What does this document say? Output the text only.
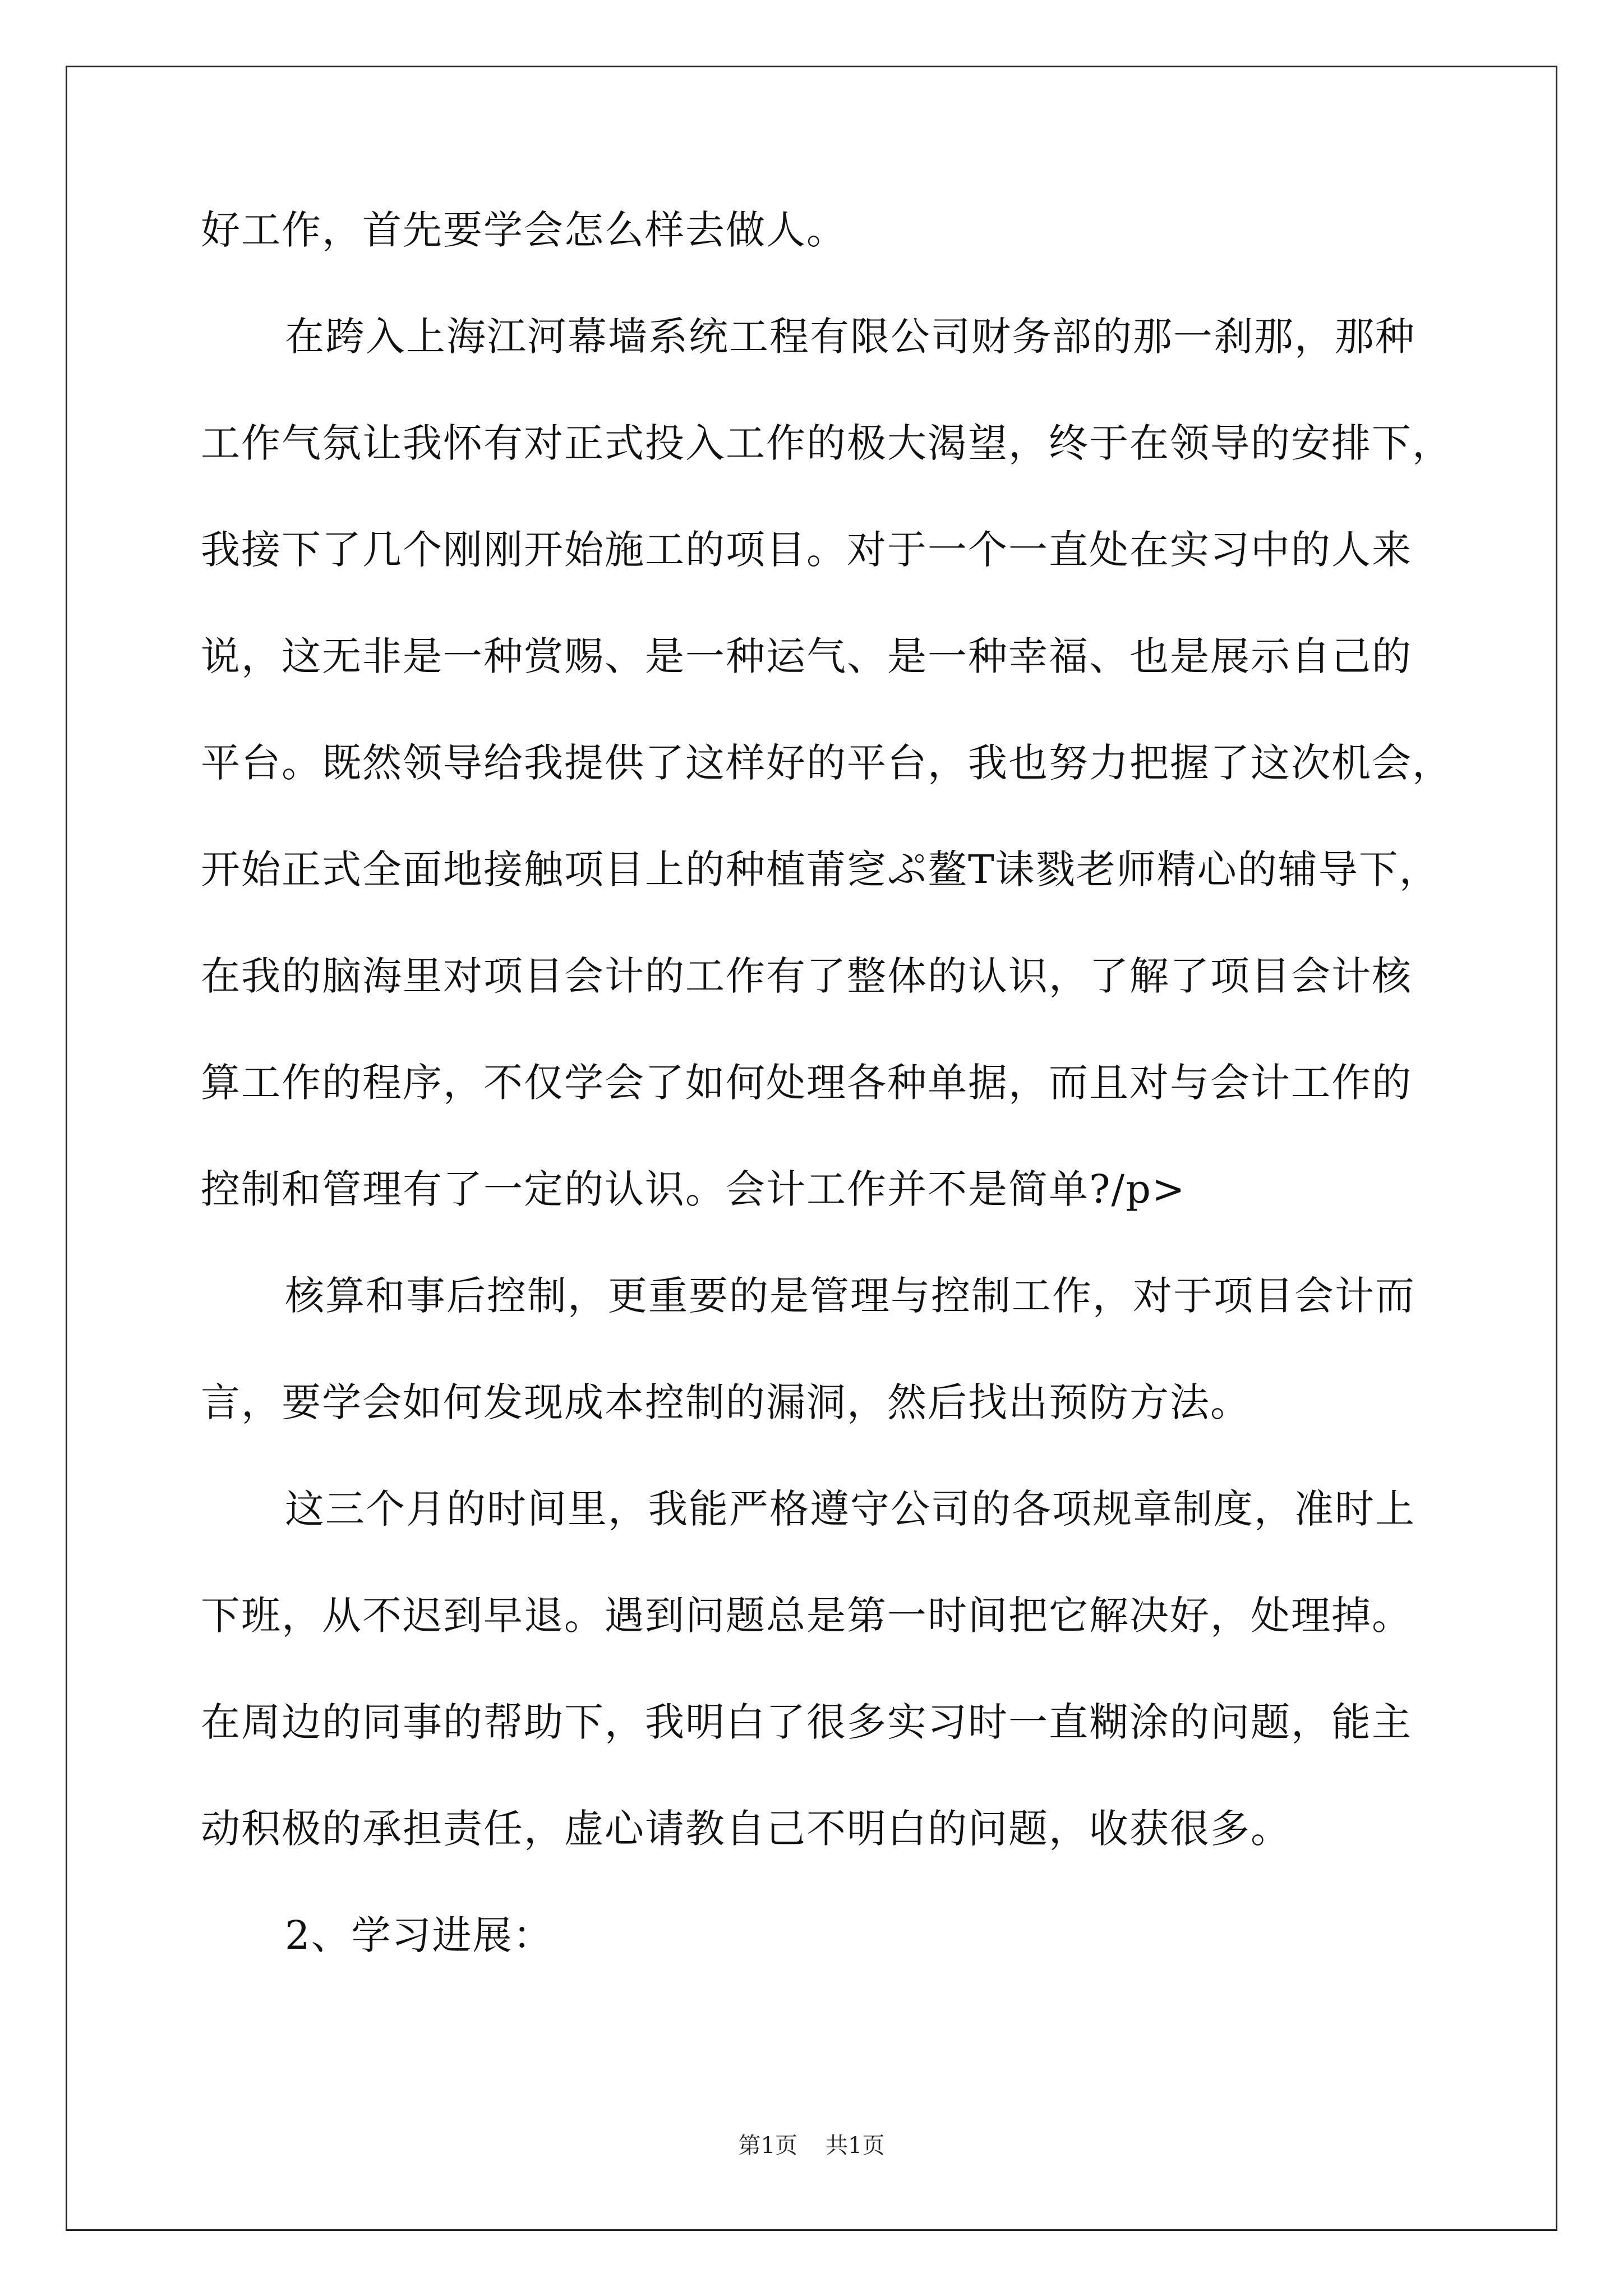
好工作，首先要学会怎么样去做人。
在跨入上海江河幕墙系统工程有限公司财务部的那一刹那，那种
工作气氛让我怀有对正式投入工作的极大渴望，终于在领导的安排下，
我接下了几个刚刚开始施工的项目。对于一个一直处在实习中的人来
说，这无非是一种赏赐、是一种运气、是一种幸福、也是展示自己的
平台。既然领导给我提供了这样好的平台，我也努力把握了这次机会，
开始正式全面地接触项目上的种植莆窆ぷ鳌T诔戮老师精心的辅导下，
在我的脑海里对项目会计的工作有了整体的认识，了解了项目会计核
算工作的程序，不仅学会了如何处理各种单据，而且对与会计工作的
控制和管理有了一定的认识。会计工作并不是简单?/p>
核算和事后控制，更重要的是管理与控制工作，对于项目会计而
言，要学会如何发现成本控制的漏洞，然后找出预防方法。
这三个月的时间里，我能严格遵守公司的各项规章制度，准时上
下班，从不迟到早退。遇到问题总是第一时间把它解决好，处理掉。
在周边的同事的帮助下，我明白了很多实习时一直糊涂的问题，能主
动积极的承担责任，虚心请教自己不明白的问题，收获很多。
2、学习进展：
第1页 共1页
